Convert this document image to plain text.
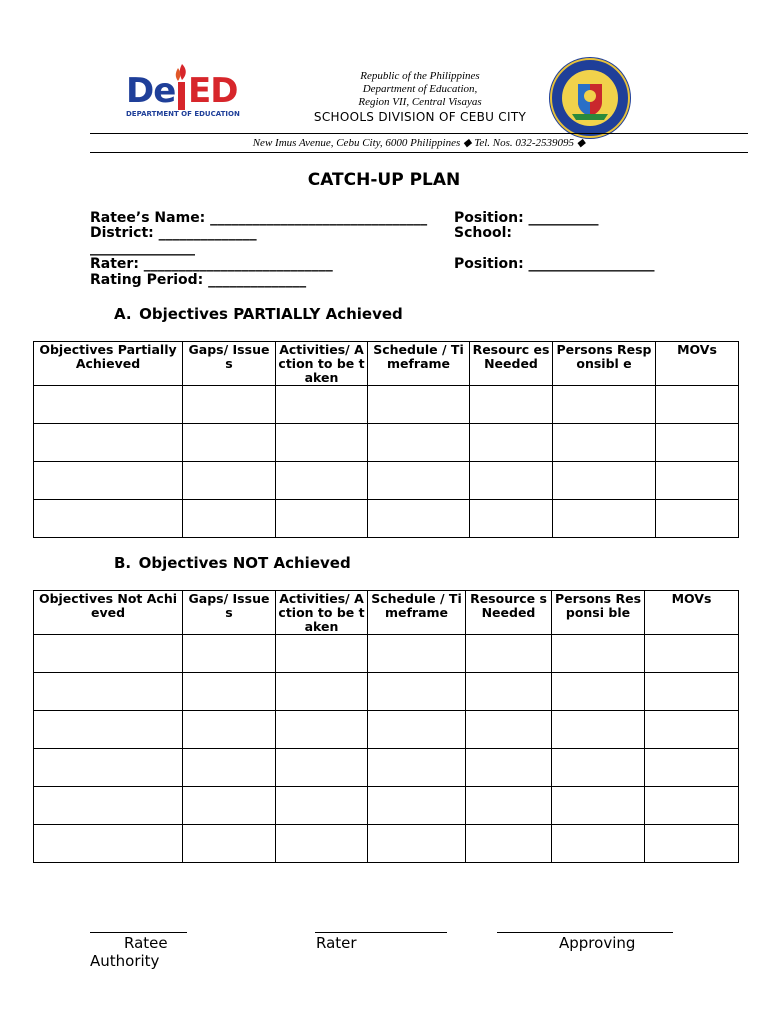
De ED
DEPARTMENT OF EDUCATION
Republic of the Philippines
Department of Education,
Region VII, Central Visayas
SCHOOLS DIVISION OF CEBU CITY
New Imus Avenue, Cebu City, 6000 Philippines ◆ Tel. Nos. 032-2539095 ◆
CATCH-UP PLAN
Ratee’s Name: _______________________________ Position: __________
District: ______________
_______________
School:
Rater: ___________________________	Position: __________________
Rating Period: ______________
A. Objectives PARTIALLY Achieved
Objectives Partially Achieved	Gaps/ Issues	Activities/ Action to be taken	Schedule / Timeframe	Resourc es Needed	Persons Responsibl e	MOVs

B. Objectives NOT Achieved
Objectives Not Achieved	Gaps/ Issues	Activities/ Action to be taken	Schedule / Timeframe	Resource s Needed	Persons Responsi ble	MOVs

Ratee	Rater	Approving
Authority
